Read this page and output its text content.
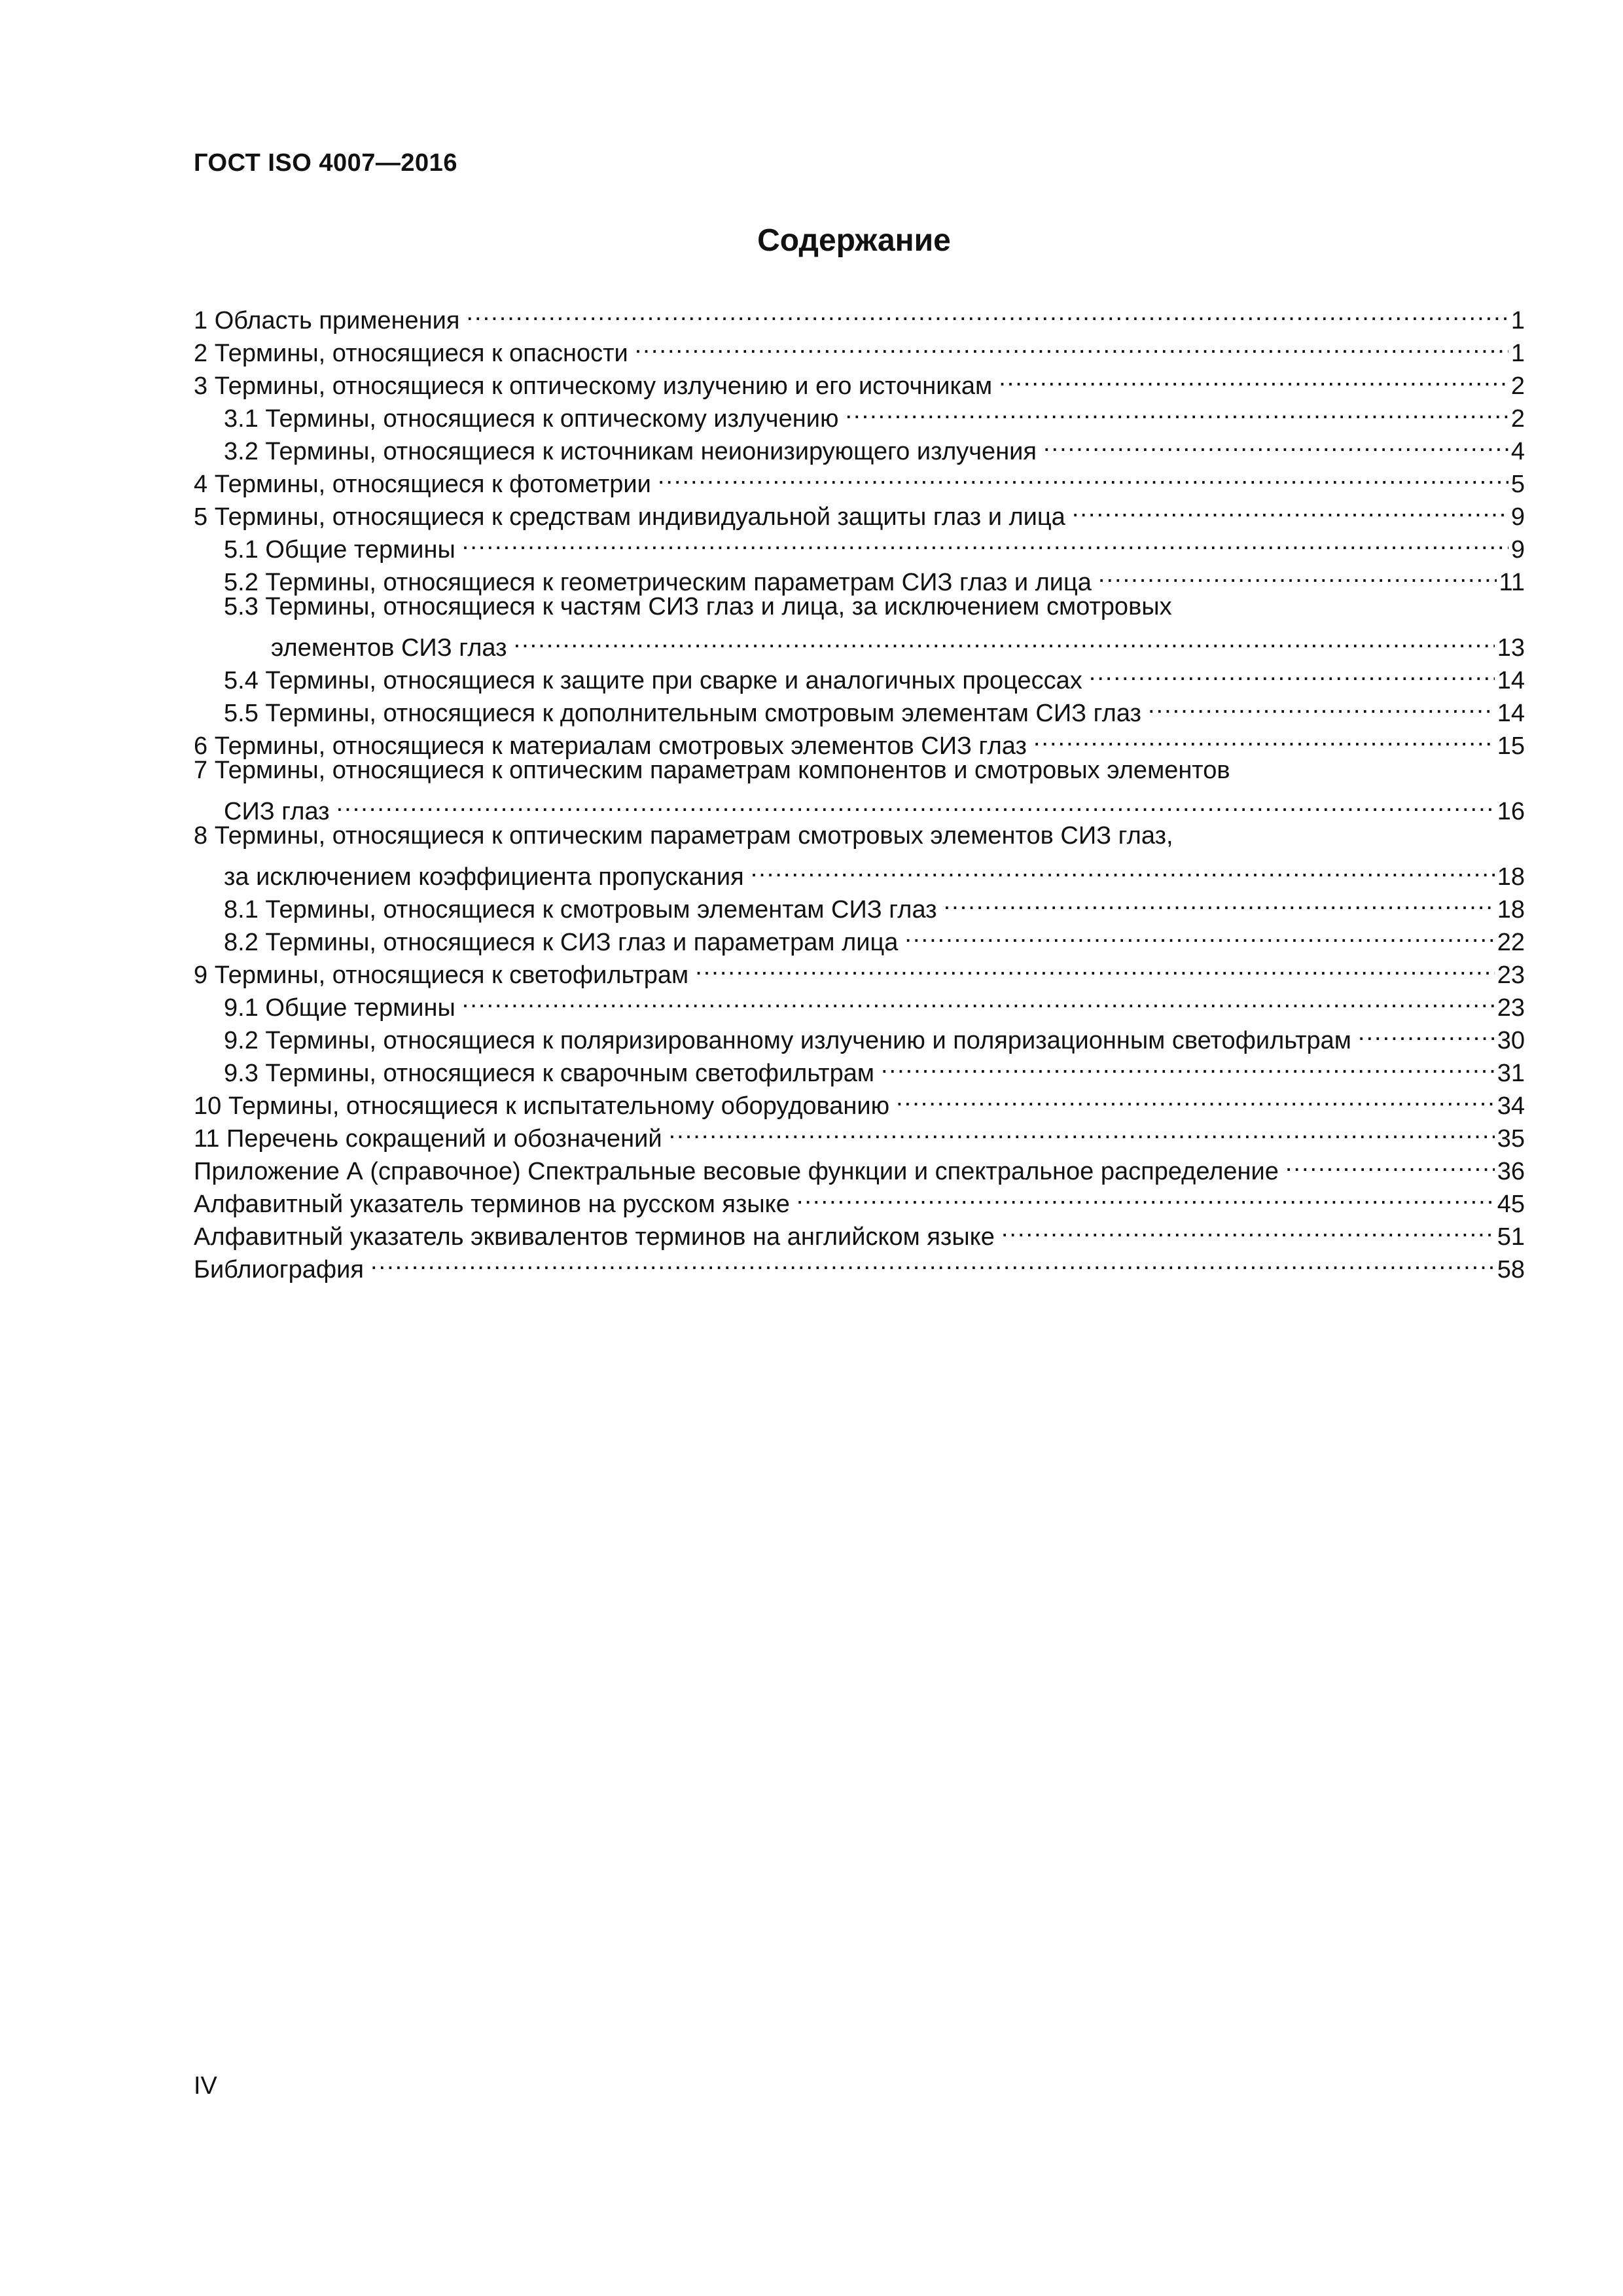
ГОСТ ISO 4007—2016
Содержание
1 Область применения .....	1
2 Термины, относящиеся к опасности .....	1
3 Термины, относящиеся к оптическому излучению и его источникам .....	2
3.1 Термины, относящиеся к оптическому излучению .....	2
3.2 Термины, относящиеся к источникам неионизирующего излучения .....	4
4 Термины, относящиеся к фотометрии .....	5
5 Термины, относящиеся к средствам индивидуальной защиты глаз и лица .....	9
5.1 Общие термины .....	9
5.2 Термины, относящиеся к геометрическим параметрам СИЗ глаз и лица .....	11
5.3 Термины, относящиеся к частям СИЗ глаз и лица, за исключением смотровых
элементов СИЗ глаз .....	13
5.4 Термины, относящиеся к защите при сварке и аналогичных процессах .....	14
5.5 Термины, относящиеся к дополнительным смотровым элементам СИЗ глаз .....	14
6 Термины, относящиеся к материалам смотровых элементов СИЗ глаз .....	15
7 Термины, относящиеся к оптическим параметрам компонентов и смотровых элементов
СИЗ глаз .....	16
8 Термины, относящиеся к оптическим параметрам смотровых элементов СИЗ глаз,
за исключением коэффициента пропускания .....	18
8.1 Термины, относящиеся к смотровым элементам СИЗ глаз .....	18
8.2 Термины, относящиеся к СИЗ глаз и параметрам лица .....	22
9 Термины, относящиеся к светофильтрам .....	23
9.1 Общие термины .....	23
9.2 Термины, относящиеся к поляризированному излучению и поляризационным светофильтрам .....	30
9.3 Термины, относящиеся к сварочным светофильтрам .....	31
10 Термины, относящиеся к испытательному оборудованию .....	34
11 Перечень сокращений и обозначений .....	35
Приложение А (справочное) Спектральные весовые функции и спектральное распределение .....	36
Алфавитный указатель терминов на русском языке .....	45
Алфавитный указатель эквивалентов терминов на английском языке .....	51
Библиография .....	58
IV
